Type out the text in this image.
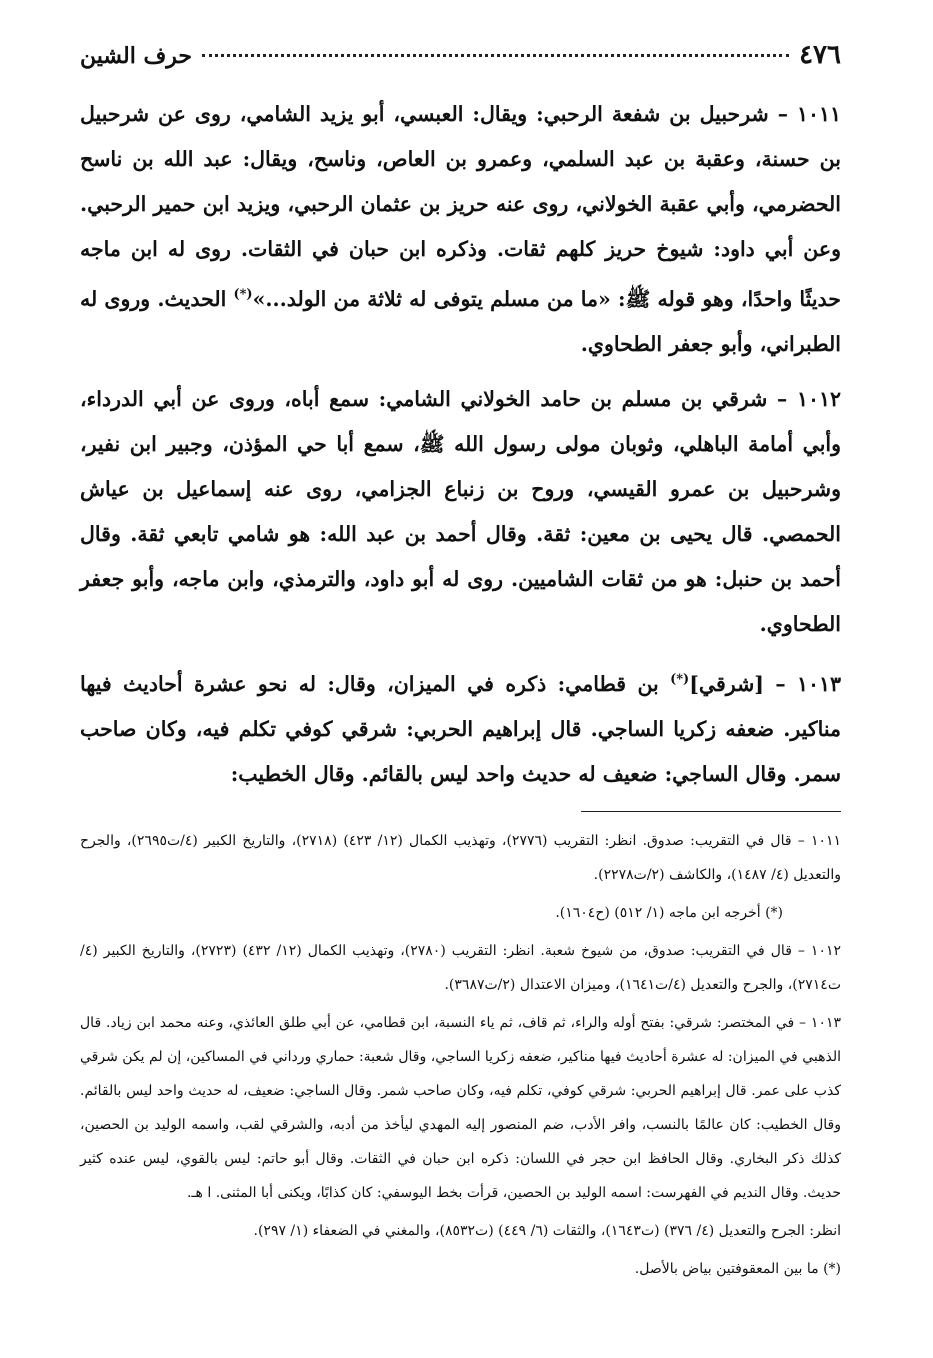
٤٧٦
حرف الشين

١٠١١ – شرحبيل بن شفعة الرحبي: ويقال: العبسي، أبو يزيد الشامي، روى عن شرحبيل بن حسنة، وعقبة بن عبد السلمي، وعمرو بن العاص، وناسح، ويقال: عبد الله بن ناسح الحضرمي، وأبي عقبة الخولاني، روى عنه حريز بن عثمان الرحبي، ويزيد ابن حمير الرحبي. وعن أبي داود: شيوخ حريز كلهم ثقات. وذكره ابن حبان في الثقات. روى له ابن ماجه حديثًا واحدًا، وهو قوله ﷺ: «ما من مسلم يتوفى له ثلاثة من الولد...»(*) الحديث. وروى له الطبراني، وأبو جعفر الطحاوي.

١٠١٢ – شرقي بن مسلم بن حامد الخولاني الشامي: سمع أباه، وروى عن أبي الدرداء، وأبي أمامة الباهلي، وثوبان مولى رسول الله ﷺ، سمع أبا حي المؤذن، وجبير ابن نفير، وشرحبيل بن عمرو القيسي، وروح بن زنباع الجزامي، روى عنه إسماعيل بن عياش الحمصي. قال يحيى بن معين: ثقة. وقال أحمد بن عبد الله: هو شامي تابعي ثقة. وقال أحمد بن حنبل: هو من ثقات الشاميين. روى له أبو داود، والترمذي، وابن ماجه، وأبو جعفر الطحاوي.

١٠١٣ – [شرقي](*) بن قطامي: ذكره في الميزان، وقال: له نحو عشرة أحاديث فيها مناكير. ضعفه زكريا الساجي. قال إبراهيم الحربي: شرقي كوفي تكلم فيه، وكان صاحب سمر. وقال الساجي: ضعيف له حديث واحد ليس بالقائم. وقال الخطيب:

١٠١١ – قال في التقريب: صدوق. انظر: التقريب (٢٧٧٦)، وتهذيب الكمال (١٢/ ٤٢٣) (٢٧١٨)، والتاريخ الكبير (٤/ت٢٦٩٥)، والجرح والتعديل (٤/ ١٤٨٧)، والكاشف (٢/ت٢٢٧٨).

(*) أخرجه ابن ماجه (١/ ٥١٢) (ح١٦٠٤).

١٠١٢ – قال في التقريب: صدوق، من شيوخ شعبة. انظر: التقريب (٢٧٨٠)، وتهذيب الكمال (١٢/ ٤٣٢) (٢٧٢٣)، والتاريخ الكبير (٤/ت٢٧١٤)، والجرح والتعديل (٤/ت١٦٤١)، وميزان الاعتدال (٢/ت٣٦٨٧).

١٠١٣ – في المختصر: شرقي: بفتح أوله والراء، ثم قاف، ثم ياء النسبة، ابن قطامي، عن أبي طلق العائذي، وعنه محمد ابن زياد. قال الذهبي في الميزان: له عشرة أحاديث فيها مناكير، ضعفه زكريا الساجي، وقال شعبة: حماري ورداني في المساكين، إن لم يكن شرقي كذب على عمر. قال إبراهيم الحربي: شرقي كوفي، تكلم فيه، وكان صاحب شمر. وقال الساجي: ضعيف، له حديث واحد ليس بالقائم. وقال الخطيب: كان عالمًا بالنسب، وافر الأدب، ضم المنصور إليه المهدي ليأخذ من أدبه، والشرقي لقب، واسمه الوليد بن الحصين، كذلك ذكر البخاري. وقال الحافظ ابن حجر في اللسان: ذكره ابن حبان في الثقات. وقال أبو حاتم: ليس بالقوي، ليس عنده كثير حديث. وقال النديم في الفهرست: اسمه الوليد بن الحصين، قرأت بخط اليوسفي: كان كذابًا، ويكنى أبا المثنى. ا هـ.

انظر: الجرح والتعديل (٤/ ٣٧٦) (ت١٦٤٣)، والثقات (٦/ ٤٤٩) (ت٨٥٣٢)، والمغني في الضعفاء (١/ ٢٩٧).

(*) ما بين المعقوفتين بياض بالأصل.
